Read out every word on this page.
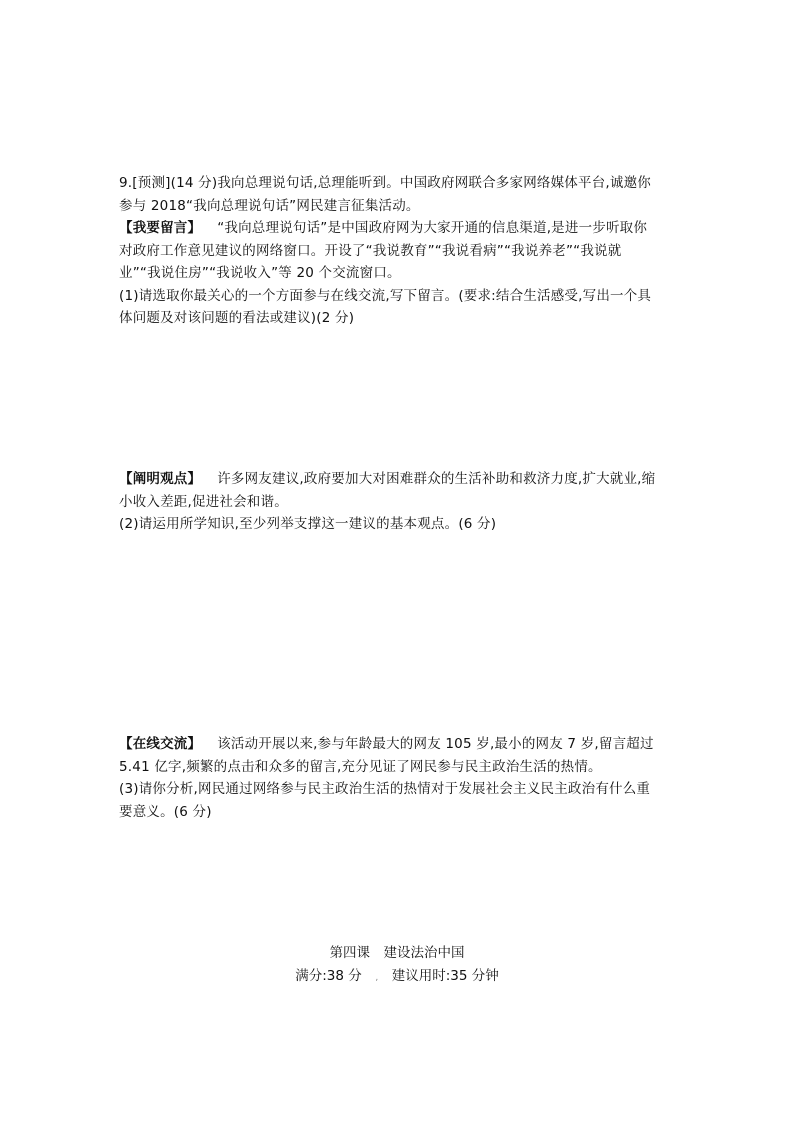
9.[预测](14 分)我向总理说句话,总理能听到。中国政府网联合多家网络媒体平台,诚邀你
参与 2018“我向总理说句话”网民建言征集活动。
【我要留言】 “我向总理说句话”是中国政府网为大家开通的信息渠道,是进一步听取你
对政府工作意见建议的网络窗口。开设了“我说教育”“我说看病”“我说养老”“我说就
业”“我说住房”“我说收入”等 20 个交流窗口。
(1)请选取你最关心的一个方面参与在线交流,写下留言。(要求:结合生活感受,写出一个具
体问题及对该问题的看法或建议)(2 分)
【阐明观点】 许多网友建议,政府要加大对困难群众的生活补助和救济力度,扩大就业,缩
小收入差距,促进社会和谐。
(2)请运用所学知识,至少列举支撑这一建议的基本观点。(6 分)
【在线交流】 该活动开展以来,参与年龄最大的网友 105 岁,最小的网友 7 岁,留言超过
5.41 亿字,频繁的点击和众多的留言,充分见证了网民参与民主政治生活的热情。
(3)请你分析,网民通过网络参与民主政治生活的热情对于发展社会主义民主政治有什么重
要意义。(6 分)
第四课　建设法治中国
满分:38 分 , 建议用时:35 分钟
